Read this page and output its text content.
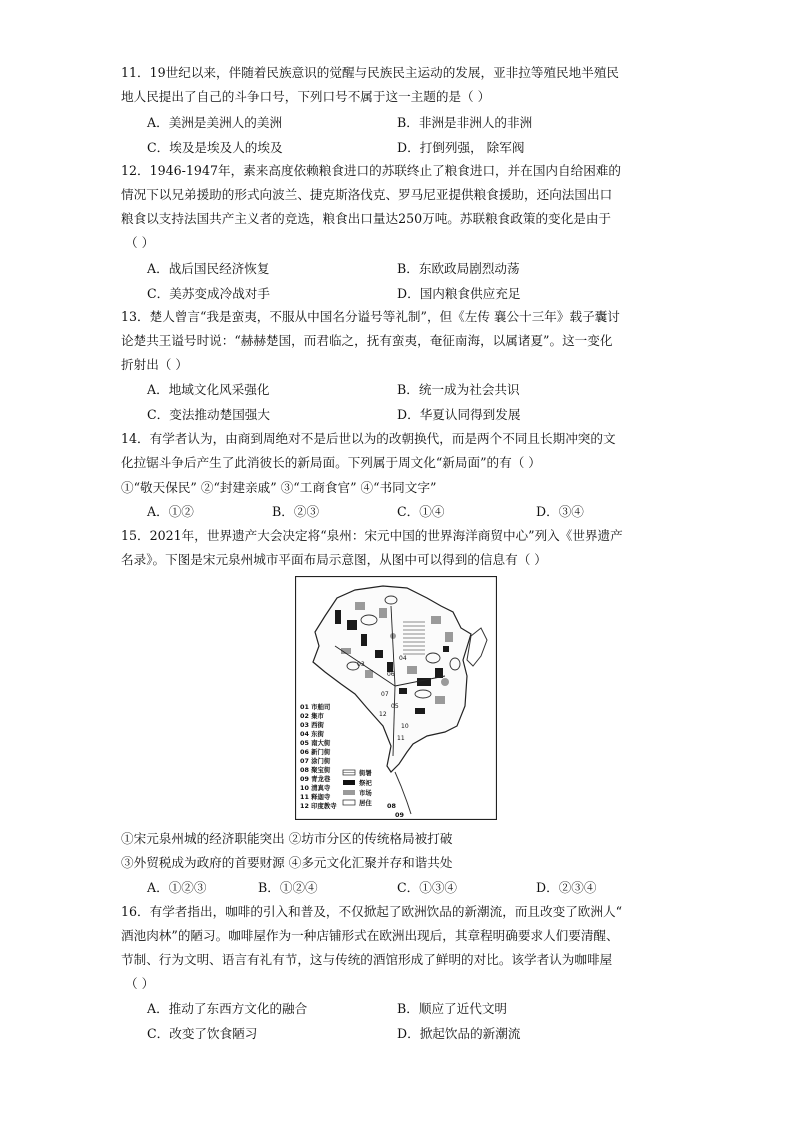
11．19世纪以来，伴随着民族意识的觉醒与民族民主运动的发展，亚非拉等殖民地半殖民
地人民提出了自己的斗争口号，下列口号不属于这一主题的是（ ）
A．美洲是美洲人的美洲	B．非洲是非洲人的非洲
C．埃及是埃及人的埃及	D．打倒列强， 除军阀
12．1946-1947年，素来高度依赖粮食进口的苏联终止了粮食进口，并在国内自给困难的
情况下以兄弟援助的形式向波兰、捷克斯洛伐克、罗马尼亚提供粮食援助，还向法国出口
粮食以支持法国共产主义者的竞选，粮食出口量达250万吨。苏联粮食政策的变化是由于
（ ）
A．战后国民经济恢复	B．东欧政局剧烈动荡
C．美苏变成冷战对手	D．国内粮食供应充足
13．楚人曾言“我是蛮夷，不服从中国名分谥号等礼制”，但《左传 襄公十三年》载子囊讨
论楚共王谥号时说：“赫赫楚国，而君临之，抚有蛮夷，奄征南海，以属诸夏”。这一变化
折射出（ ）
A．地域文化风采强化	B．统一成为社会共识
C．变法推动楚国强大	D．华夏认同得到发展
14．有学者认为，由商到周绝对不是后世以为的改朝换代，而是两个不同且长期冲突的文
化拉锯斗争后产生了此消彼长的新局面。下列属于周文化“新局面”的有（ ）
①“敬天保民” ②“封建亲戚” ③“工商食官” ④“书同文字”
A．①②	B．②③	C．①④	D．③④
15．2021年，世界遗产大会决定将“泉州：宋元中国的世界海洋商贸中心”列入《世界遗产
名录》。下图是宋元泉州城市平面布局示意图，从图中可以得到的信息有（ ）
03
04
07
10
11
12
06
05
01 市舶司
02 集市
03 西街
04 东街
05 南大街
06 新门街
07 涂门街
08 聚宝街
09 青龙巷
10 清真寺
11 释迦寺
12 印度教寺
街署
祭祀
市场
居住 08
09
①宋元泉州城的经济职能突出 ②坊市分区的传统格局被打破
③外贸税成为政府的首要财源 ④多元文化汇聚并存和谐共处
A．①②③	B．①②④	C．①③④	D．②③④
16．有学者指出，咖啡的引入和普及，不仅掀起了欧洲饮品的新潮流，而且改变了欧洲人“
酒池肉林”的陋习。咖啡屋作为一种店铺形式在欧洲出现后，其章程明确要求人们要清醒、
节制、行为文明、语言有礼有节，这与传统的酒馆形成了鲜明的对比。该学者认为咖啡屋
（ ）
A．推动了东西方文化的融合	B．顺应了近代文明
C．改变了饮食陋习	D．掀起饮品的新潮流
